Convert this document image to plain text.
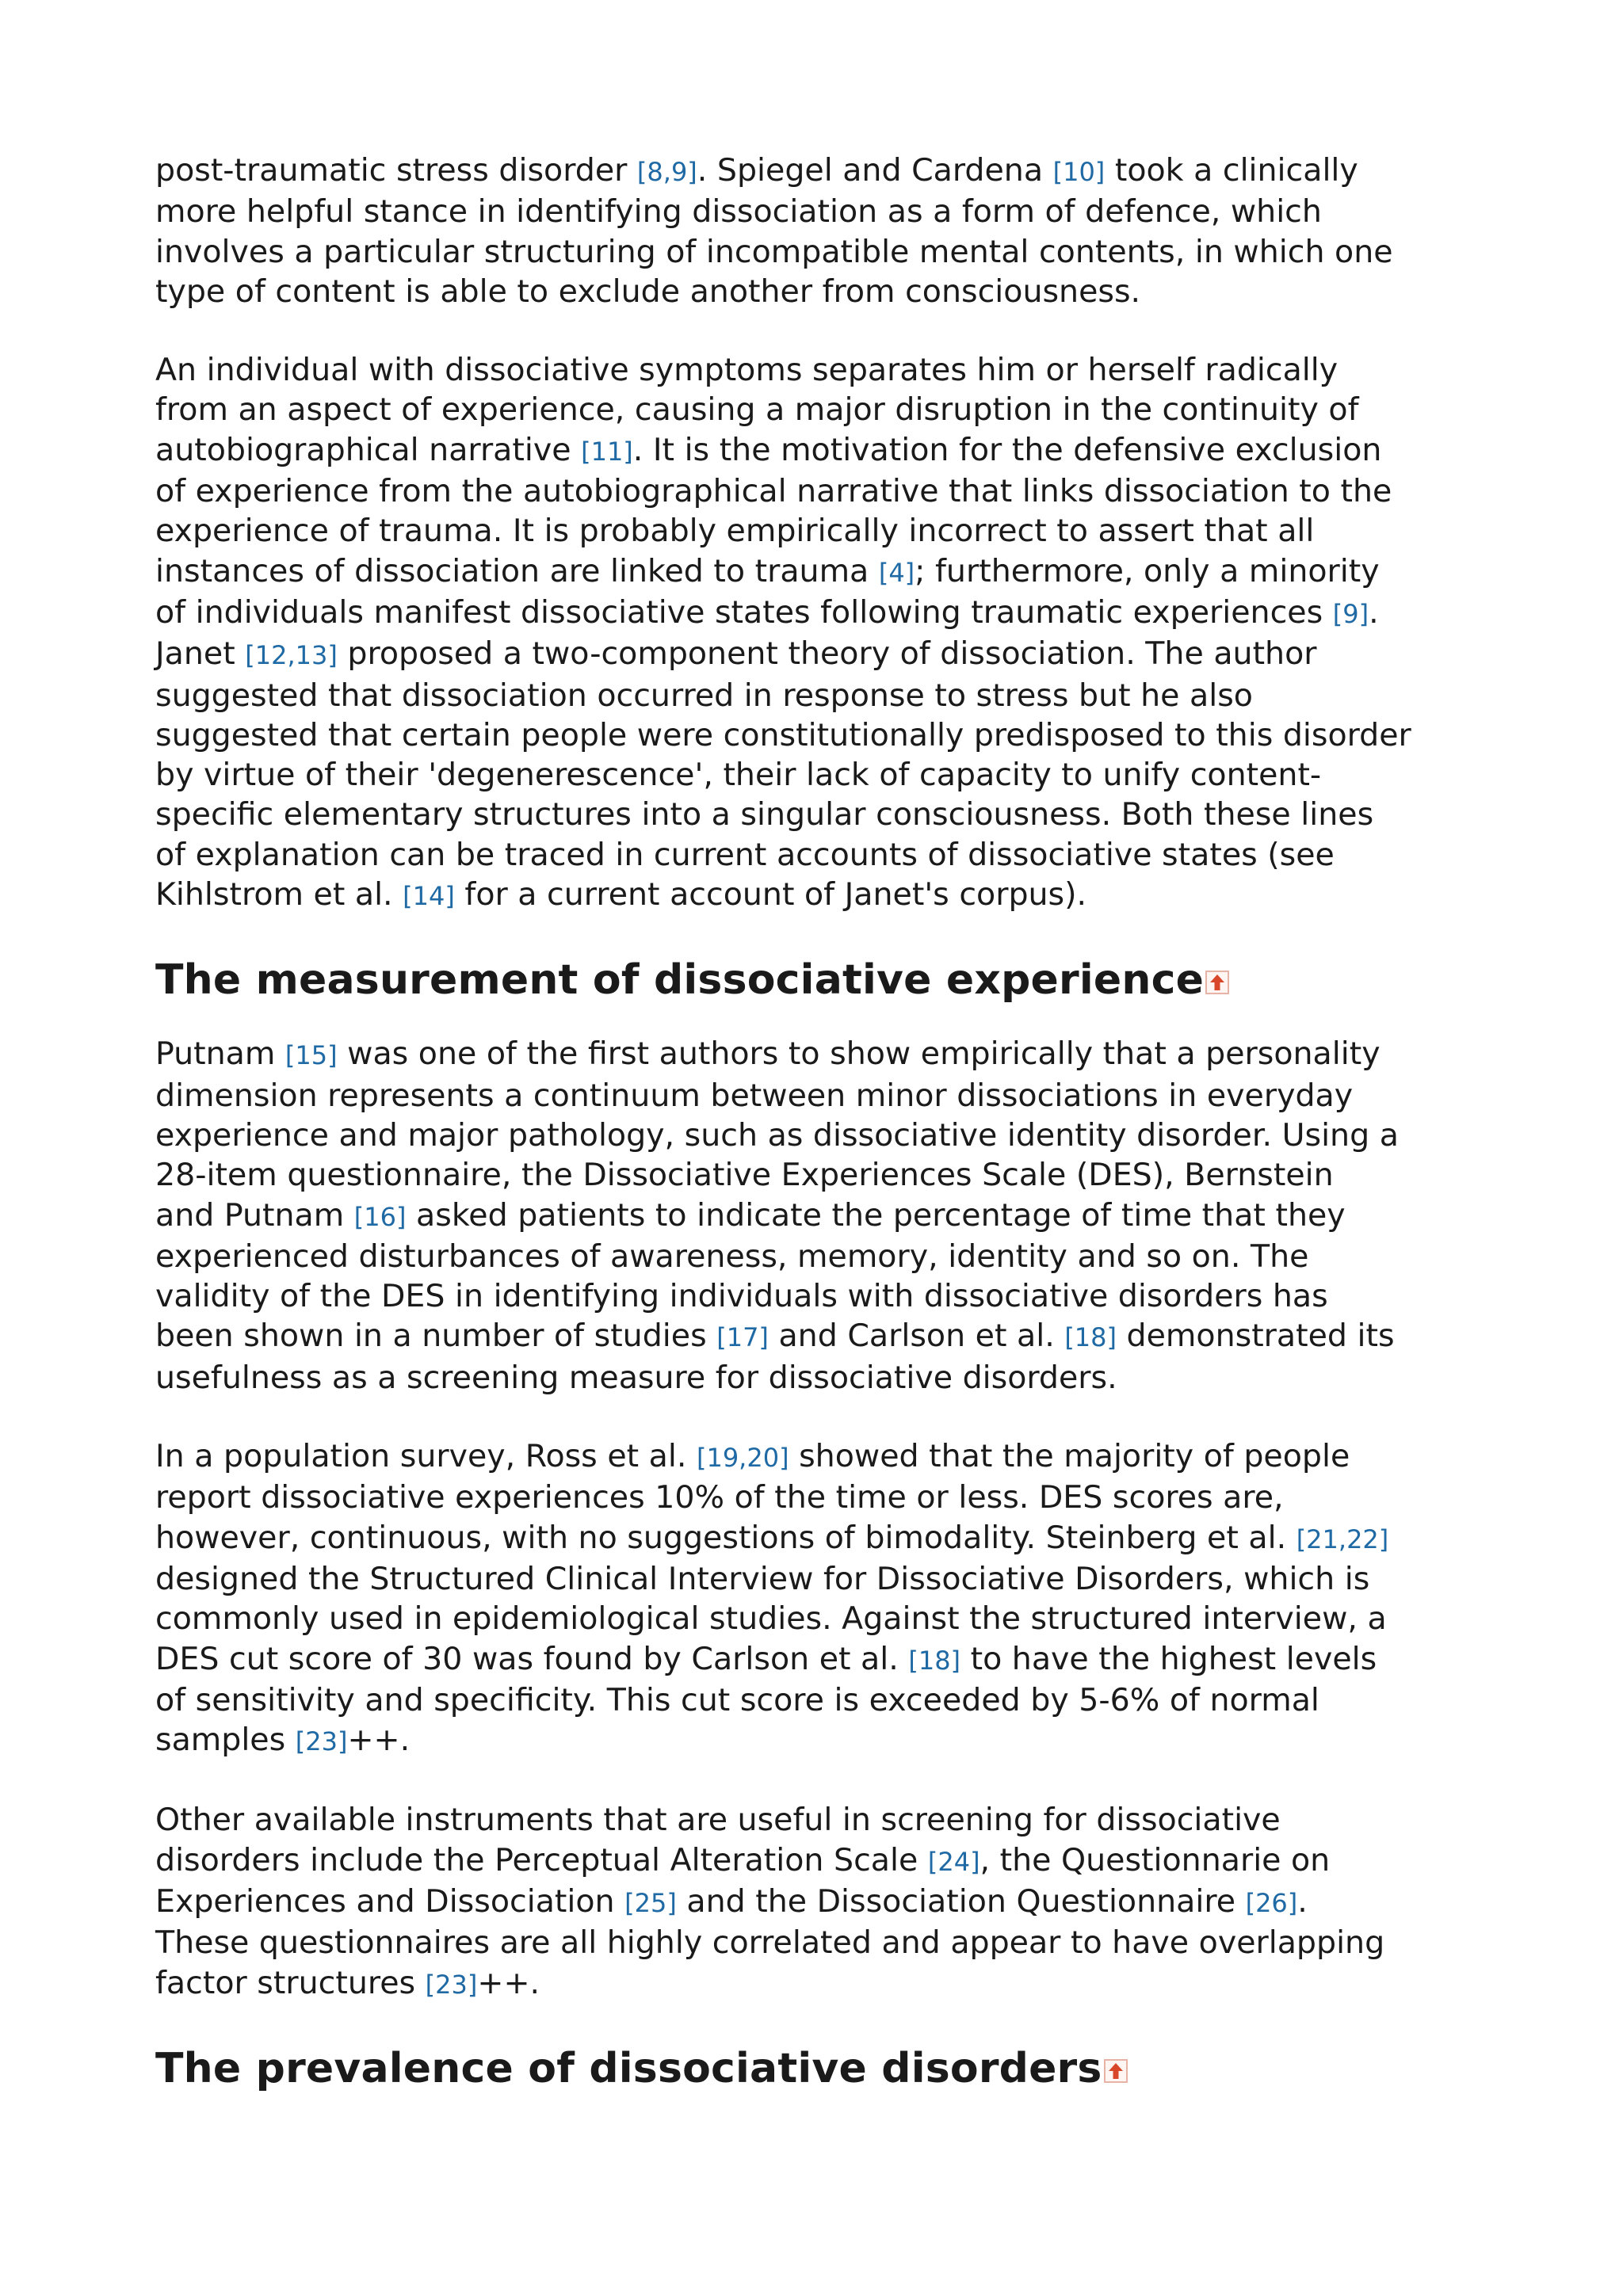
post-traumatic stress disorder [8,9]. Spiegel and Cardena [10] took a clinically
more helpful stance in identifying dissociation as a form of defence, which
involves a particular structuring of incompatible mental contents, in which one
type of content is able to exclude another from consciousness.

An individual with dissociative symptoms separates him or herself radically
from an aspect of experience, causing a major disruption in the continuity of
autobiographical narrative [11]. It is the motivation for the defensive exclusion
of experience from the autobiographical narrative that links dissociation to the
experience of trauma. It is probably empirically incorrect to assert that all
instances of dissociation are linked to trauma [4]; furthermore, only a minority
of individuals manifest dissociative states following traumatic experiences [9].
Janet [12,13] proposed a two-component theory of dissociation. The author
suggested that dissociation occurred in response to stress but he also
suggested that certain people were constitutionally predisposed to this disorder
by virtue of their 'degenerescence', their lack of capacity to unify content-
specific elementary structures into a singular consciousness. Both these lines
of explanation can be traced in current accounts of dissociative states (see
Kihlstrom et al. [14] for a current account of Janet's corpus).

The measurement of dissociative experience

Putnam [15] was one of the first authors to show empirically that a personality
dimension represents a continuum between minor dissociations in everyday
experience and major pathology, such as dissociative identity disorder. Using a
28-item questionnaire, the Dissociative Experiences Scale (DES), Bernstein
and Putnam [16] asked patients to indicate the percentage of time that they
experienced disturbances of awareness, memory, identity and so on. The
validity of the DES in identifying individuals with dissociative disorders has
been shown in a number of studies [17] and Carlson et al. [18] demonstrated its
usefulness as a screening measure for dissociative disorders.

In a population survey, Ross et al. [19,20] showed that the majority of people
report dissociative experiences 10% of the time or less. DES scores are,
however, continuous, with no suggestions of bimodality. Steinberg et al. [21,22]
designed the Structured Clinical Interview for Dissociative Disorders, which is
commonly used in epidemiological studies. Against the structured interview, a
DES cut score of 30 was found by Carlson et al. [18] to have the highest levels
of sensitivity and specificity. This cut score is exceeded by 5-6% of normal
samples [23]++.

Other available instruments that are useful in screening for dissociative
disorders include the Perceptual Alteration Scale [24], the Questionnarie on
Experiences and Dissociation [25] and the Dissociation Questionnaire [26].
These questionnaires are all highly correlated and appear to have overlapping
factor structures [23]++.

The prevalence of dissociative disorders
